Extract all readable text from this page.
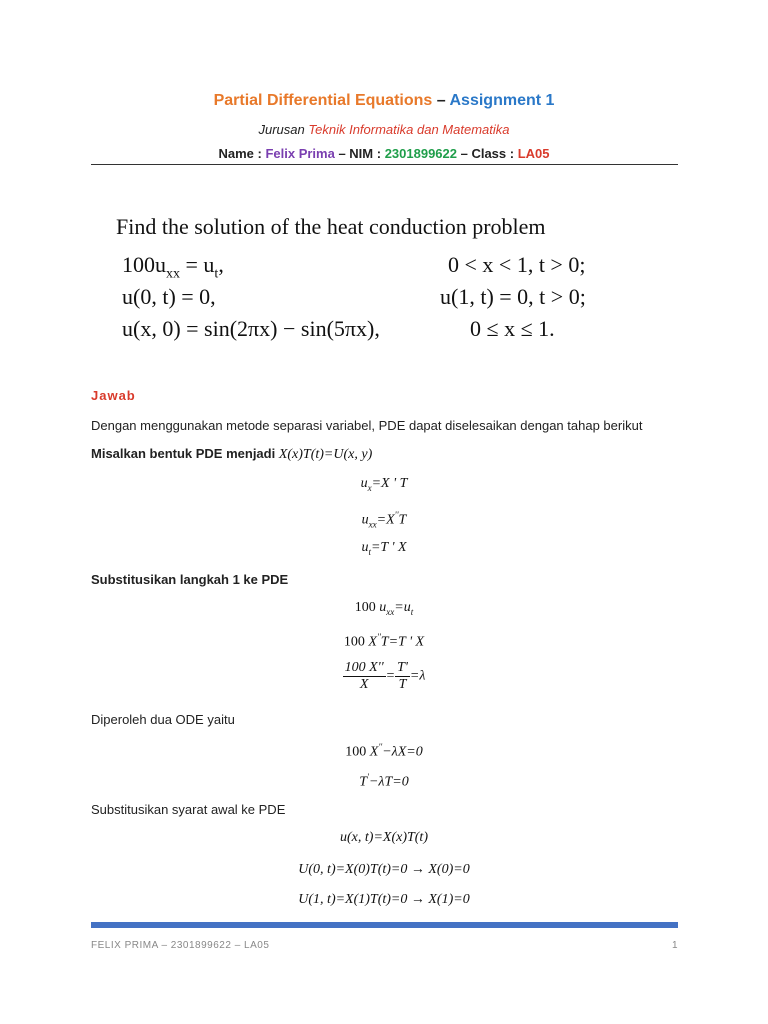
Partial Differential Equations – Assignment 1
Jurusan Teknik Informatika dan Matematika
Name : Felix Prima – NIM : 2301899622 – Class : LA05
Find the solution of the heat conduction problem
$100u_{xx} = u_t$,	0 < x < 1, t > 0;
u(0, t) = 0,	u(1, t) = 0, t > 0;
u(x, 0) = sin(2πx) − sin(5πx),	0 ≤ x ≤ 1.
Jawab
Dengan menggunakan metode separasi variabel, PDE dapat diselesaikan dengan tahap berikut
Misalkan bentuk PDE menjadi X(x)T(t)=U(x, y)
$u_x=X$ ' T
$u_{xx}=X''T$
$u_t=T$ ' X
Substitusikan langkah 1 ke PDE
100 $u_{xx}=u_t$
100 X''T=T ' X
$\frac{100 X''}{X} = \frac{T'}{T} =\lambda$
Diperoleh dua ODE yaitu
100 X''−λX=0
T'−λT=0
Substitusikan syarat awal ke PDE
u(x, t)=X(x)T(t)
U(0, t)=X(0)T(t)=0 → X(0)=0
U(1, t)=X(1)T(t)=0 → X(1)=0
FELIX PRIMA – 2301899622 – LA05	1
